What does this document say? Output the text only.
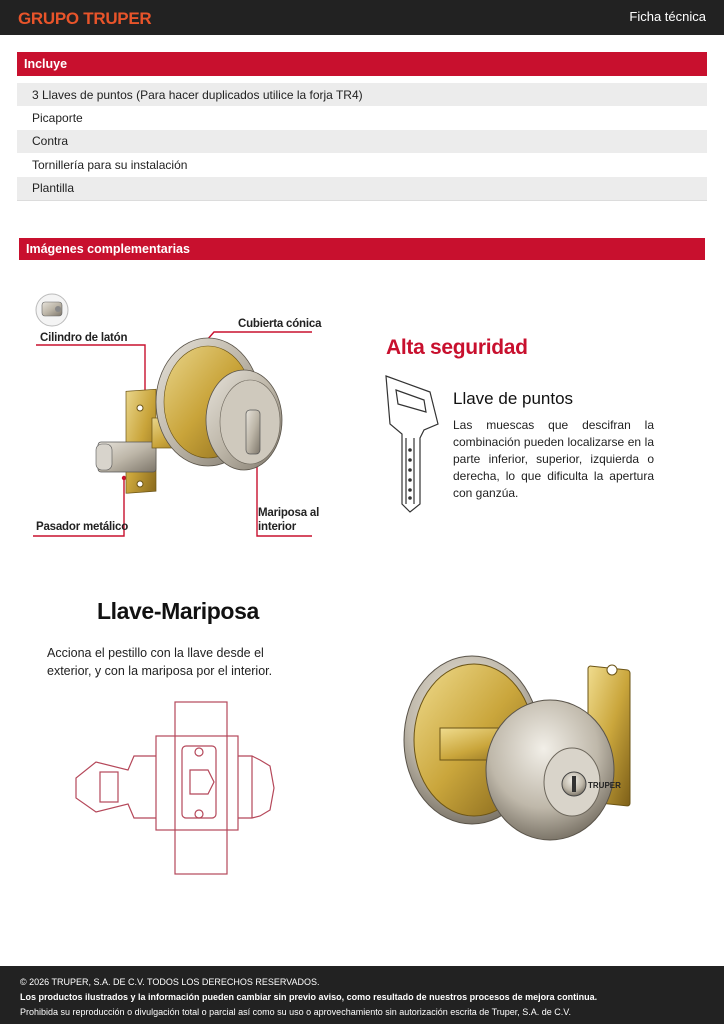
GRUPO TRUPER	Ficha técnica
Incluye
3 Llaves de puntos (Para hacer duplicados utilice la forja TR4)
Picaporte
Contra
Tornillería para su instalación
Plantilla
Imágenes complementarias
Cilindro de latón
Cubierta cónica
Pasador metálico
Mariposa al
interior
Alta seguridad
Llave de puntos
Las muescas que descifran la combinación pueden localizarse en la parte inferior, superior, izquierda o derecha, lo que dificulta la apertura con ganzúa.
Llave-Mariposa
Acciona el pestillo con la llave desde el exterior, y con la mariposa por el interior.
TRUPER
© 2026 TRUPER, S.A. DE C.V. TODOS LOS DERECHOS RESERVADOS.
Los productos ilustrados y la información pueden cambiar sin previo aviso, como resultado de nuestros procesos de mejora continua.
Prohibida su reproducción o divulgación total o parcial así como su uso o aprovechamiento sin autorización escrita de Truper, S.A. de C.V.
